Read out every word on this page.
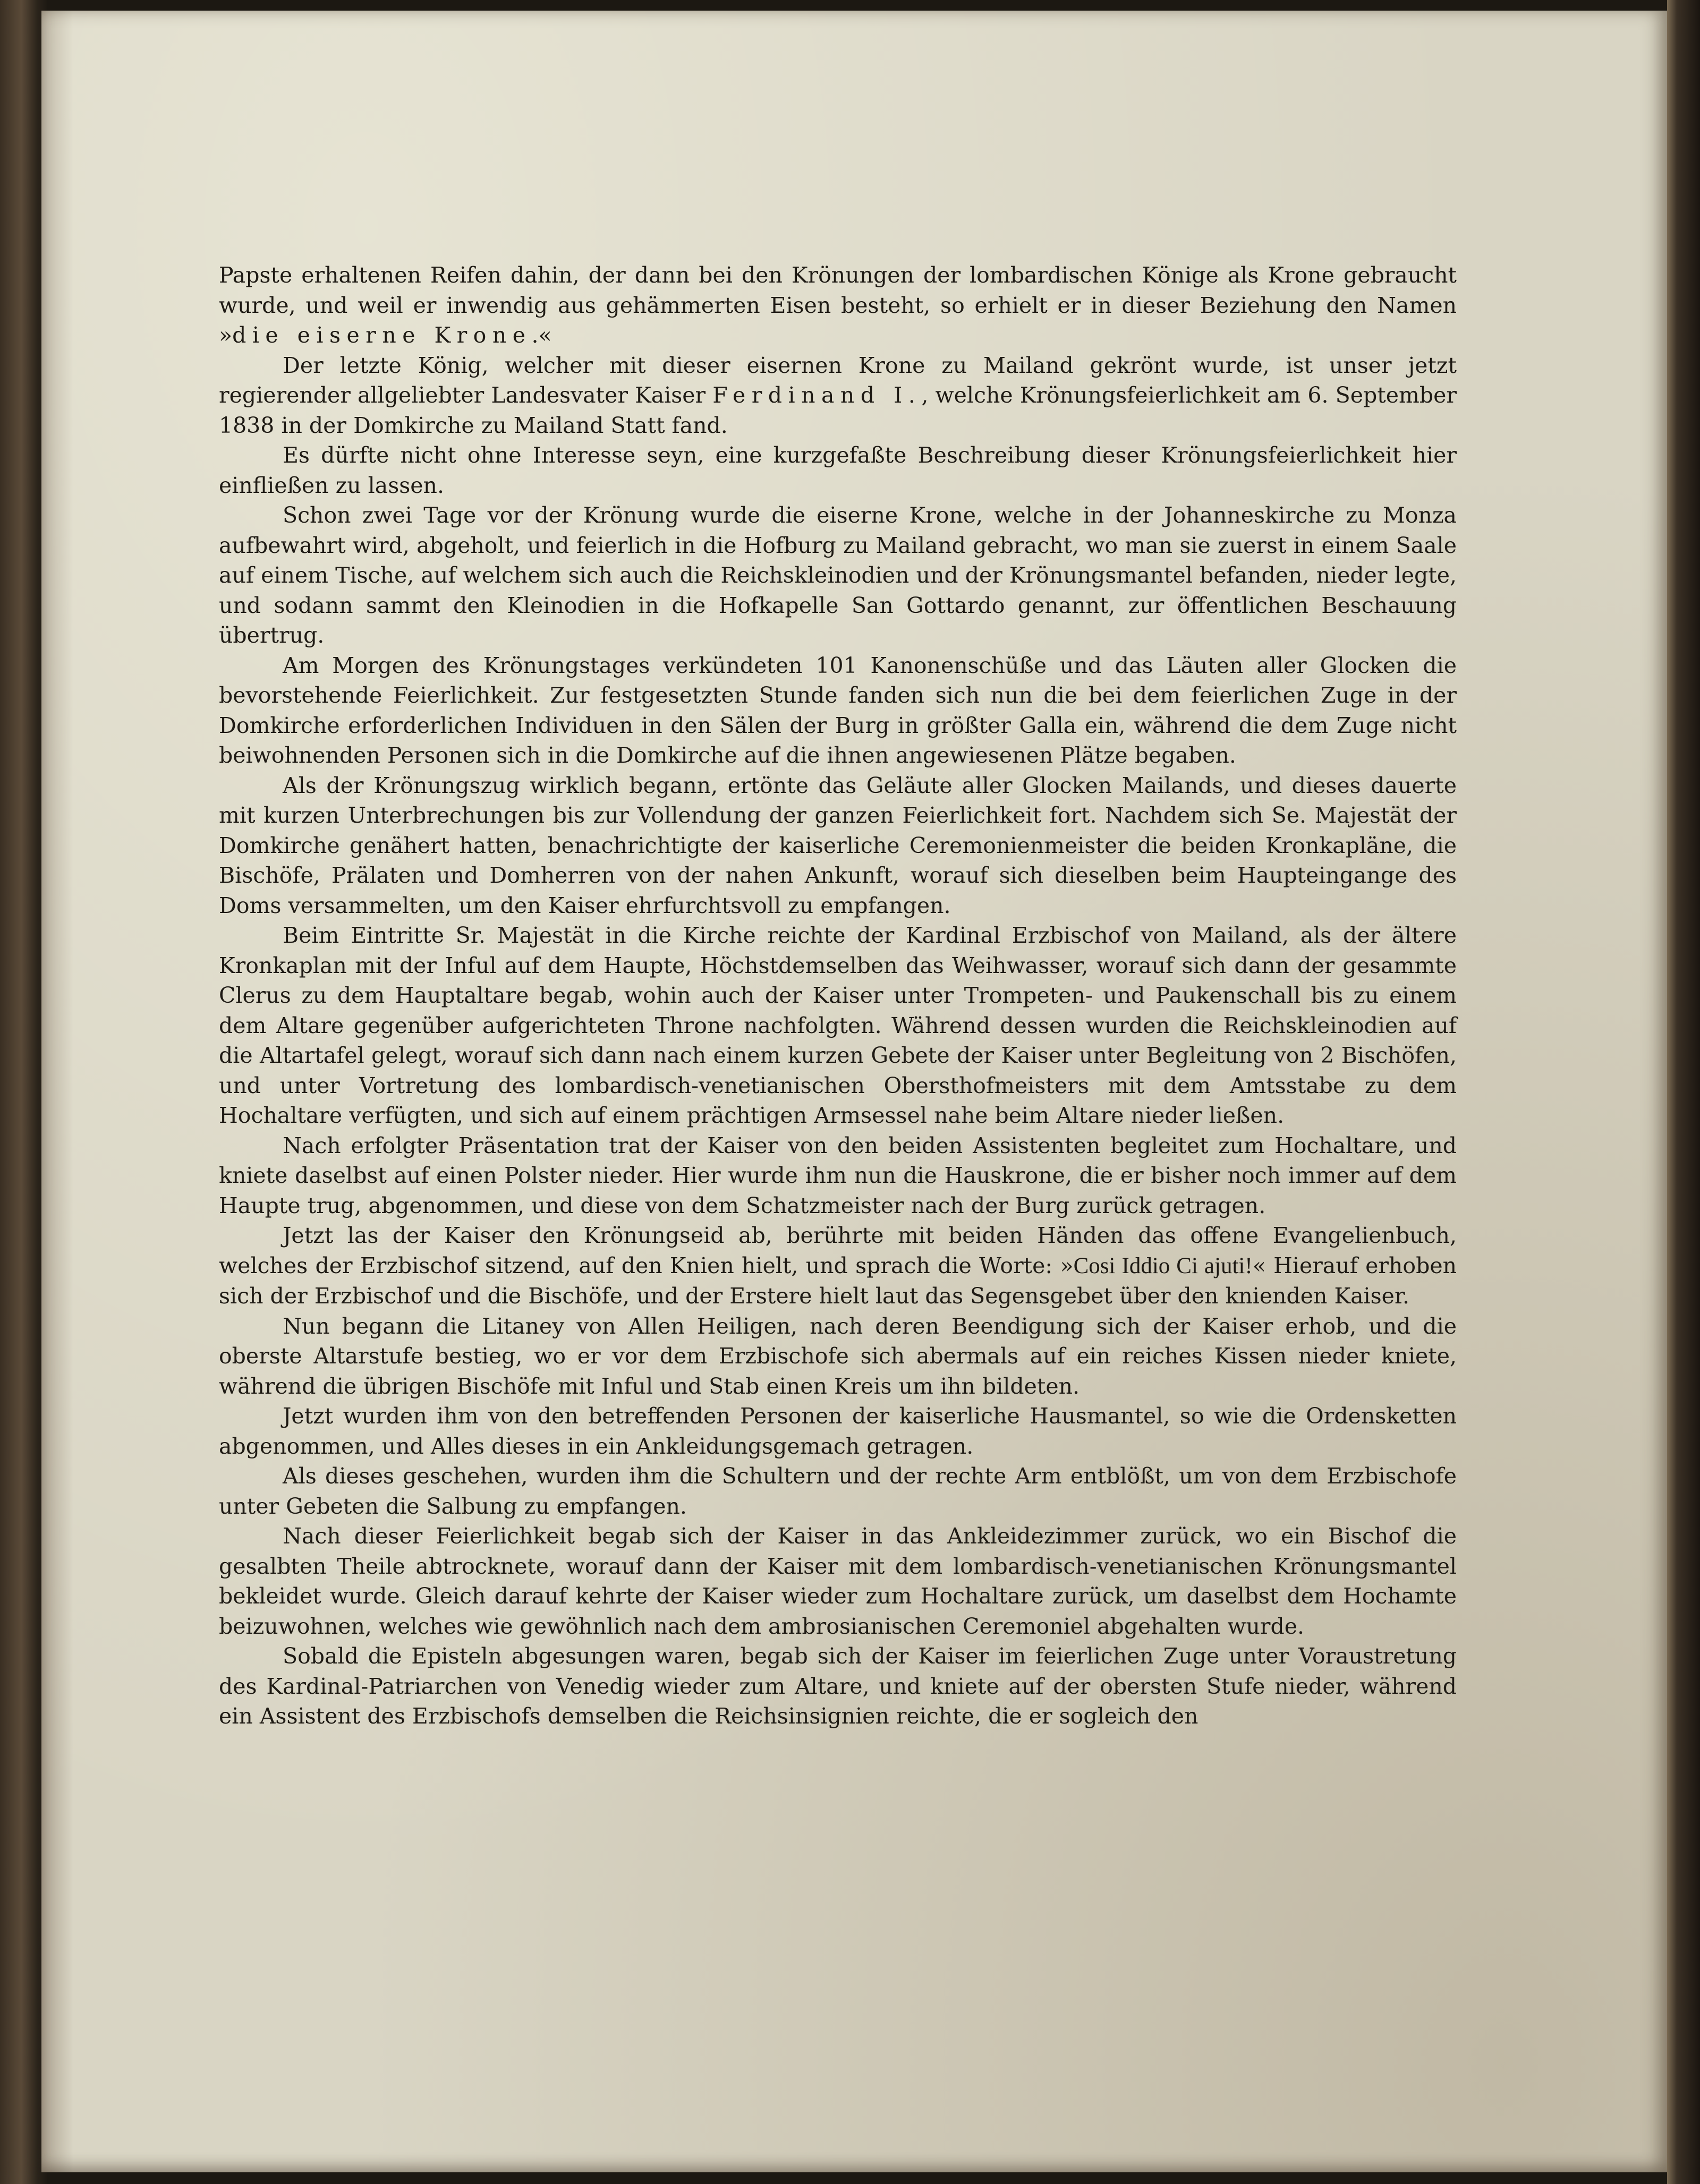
Papste erhaltenen Reifen dahin, der dann bei den Krönungen der lombardischen Könige als Krone gebraucht wurde, und weil er inwendig aus gehämmerten Eisen besteht, so erhielt er in dieser Beziehung den Namen »die eiserne Krone.«

Der letzte König, welcher mit dieser eisernen Krone zu Mailand gekrönt wurde, ist unser jetzt regierender allgeliebter Landesvater Kaiser Ferdinand I., welche Krönungsfeierlichkeit am 6. September 1838 in der Domkirche zu Mailand Statt fand.

Es dürfte nicht ohne Interesse seyn, eine kurzgefaßte Beschreibung dieser Krönungsfeierlichkeit hier einfließen zu lassen.

Schon zwei Tage vor der Krönung wurde die eiserne Krone, welche in der Johanneskirche zu Monza aufbewahrt wird, abgeholt, und feierlich in die Hofburg zu Mailand gebracht, wo man sie zuerst in einem Saale auf einem Tische, auf welchem sich auch die Reichskleinodien und der Krönungsmantel befanden, nieder legte, und sodann sammt den Kleinodien in die Hofkapelle San Gottardo genannt, zur öffentlichen Beschauung übertrug.

Am Morgen des Krönungstages verkündeten 101 Kanonenschüße und das Läuten aller Glocken die bevorstehende Feierlichkeit. Zur festgesetzten Stunde fanden sich nun die bei dem feierlichen Zuge in der Domkirche erforderlichen Individuen in den Sälen der Burg in größter Galla ein, während die dem Zuge nicht beiwohnenden Personen sich in die Domkirche auf die ihnen angewiesenen Plätze begaben.

Als der Krönungszug wirklich begann, ertönte das Geläute aller Glocken Mailands, und dieses dauerte mit kurzen Unterbrechungen bis zur Vollendung der ganzen Feierlichkeit fort. Nachdem sich Se. Majestät der Domkirche genähert hatten, benachrichtigte der kaiserliche Ceremonienmeister die beiden Kronkapläne, die Bischöfe, Prälaten und Domherren von der nahen Ankunft, worauf sich dieselben beim Haupteingange des Doms versammelten, um den Kaiser ehrfurchtsvoll zu empfangen.

Beim Eintritte Sr. Majestät in die Kirche reichte der Kardinal Erzbischof von Mailand, als der ältere Kronkaplan mit der Inful auf dem Haupte, Höchstdemselben das Weihwasser, worauf sich dann der gesammte Clerus zu dem Hauptaltare begab, wohin auch der Kaiser unter Trompeten- und Paukenschall bis zu einem dem Altare gegenüber aufgerichteten Throne nachfolgten. Während dessen wurden die Reichskleinodien auf die Altartafel gelegt, worauf sich dann nach einem kurzen Gebete der Kaiser unter Begleitung von 2 Bischöfen, und unter Vortretung des lombardisch-venetianischen Obersthofmeisters mit dem Amtsstabe zu dem Hochaltare verfügten, und sich auf einem prächtigen Armsessel nahe beim Altare nieder ließen.

Nach erfolgter Präsentation trat der Kaiser von den beiden Assistenten begleitet zum Hochaltare, und kniete daselbst auf einen Polster nieder. Hier wurde ihm nun die Hauskrone, die er bisher noch immer auf dem Haupte trug, abgenommen, und diese von dem Schatzmeister nach der Burg zurück getragen.

Jetzt las der Kaiser den Krönungseid ab, berührte mit beiden Händen das offene Evangelienbuch, welches der Erzbischof sitzend, auf den Knien hielt, und sprach die Worte: »Cosi Iddio Ci ajuti!« Hierauf erhoben sich der Erzbischof und die Bischöfe, und der Erstere hielt laut das Segensgebet über den knienden Kaiser.

Nun begann die Litaney von Allen Heiligen, nach deren Beendigung sich der Kaiser erhob, und die oberste Altarstufe bestieg, wo er vor dem Erzbischofe sich abermals auf ein reiches Kissen nieder kniete, während die übrigen Bischöfe mit Inful und Stab einen Kreis um ihn bildeten.

Jetzt wurden ihm von den betreffenden Personen der kaiserliche Hausmantel, so wie die Ordensketten abgenommen, und Alles dieses in ein Ankleidungsgemach getragen.

Als dieses geschehen, wurden ihm die Schultern und der rechte Arm entblößt, um von dem Erzbischofe unter Gebeten die Salbung zu empfangen.

Nach dieser Feierlichkeit begab sich der Kaiser in das Ankleidezimmer zurück, wo ein Bischof die gesalbten Theile abtrocknete, worauf dann der Kaiser mit dem lombardisch-venetianischen Krönungsmantel bekleidet wurde. Gleich darauf kehrte der Kaiser wieder zum Hochaltare zurück, um daselbst dem Hochamte beizuwohnen, welches wie gewöhnlich nach dem ambrosianischen Ceremoniel abgehalten wurde.

Sobald die Episteln abgesungen waren, begab sich der Kaiser im feierlichen Zuge unter Voraustretung des Kardinal-Patriarchen von Venedig wieder zum Altare, und kniete auf der obersten Stufe nieder, während ein Assistent des Erzbischofs demselben die Reichsinsignien reichte, die er sogleich den
